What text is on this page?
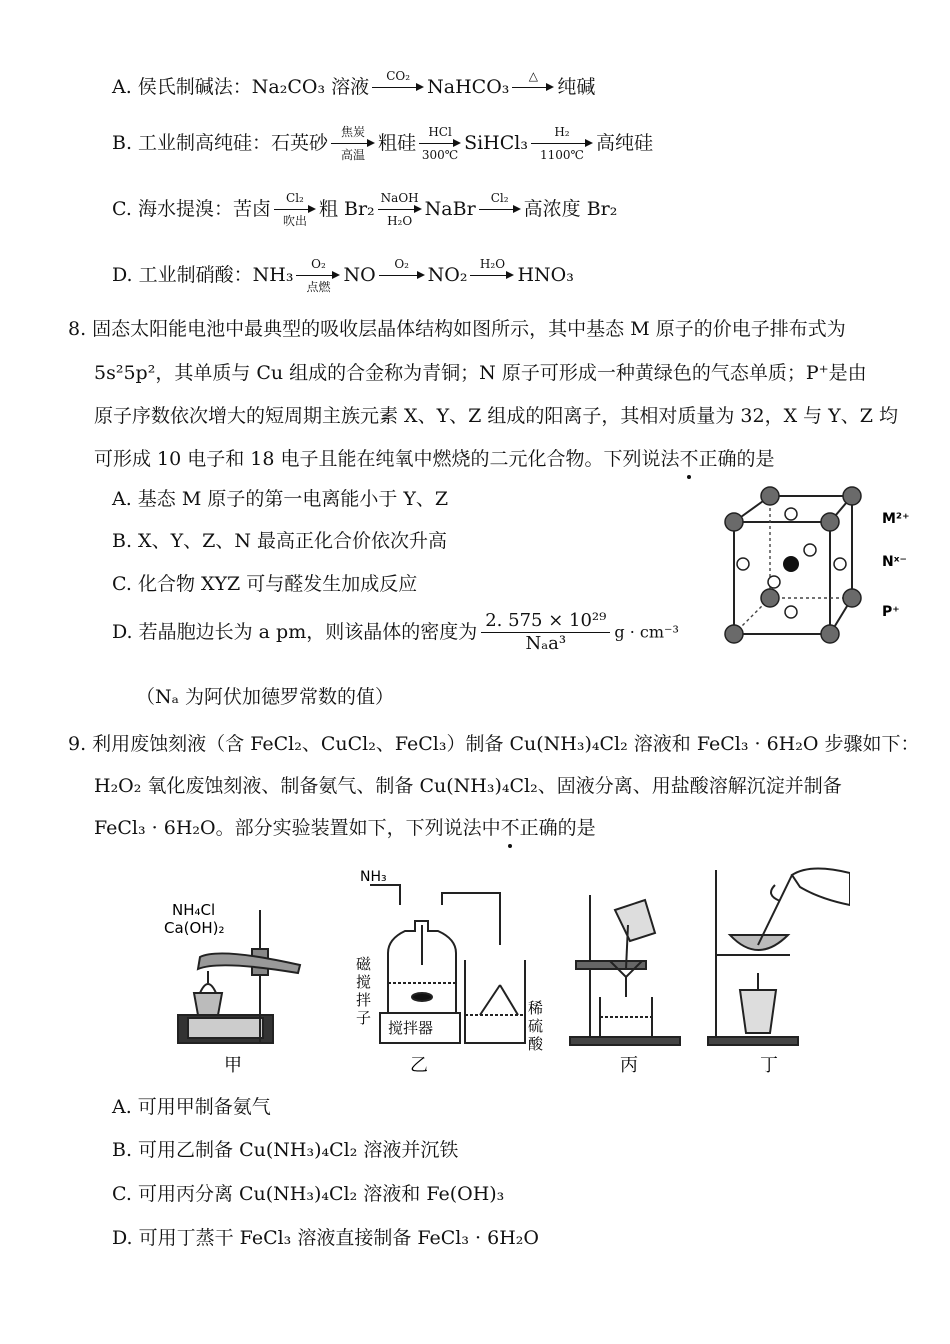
A. 侯氏制碱法：Na₂CO₃ 溶液	CO₂ NaHCO₃	△	纯碱
B. 工业制高纯硅：石英砂	焦炭
高温
粗硅	HCl
300℃
SiHCl₃	H₂
1100℃
高纯硅
C. 海水提溴：苦卤	Cl₂
吹出
粗 Br₂ NaOH
H₂O
NaBr	Cl₂ 高浓度 Br₂
D. 工业制硝酸：NH₃	O₂
点燃
NO	O₂ NO₂	H₂O HNO₃
8. 固态太阳能电池中最典型的吸收层晶体结构如图所示，其中基态 M 原子的价电子排布式为
5s²5p²，其单质与 Cu 组成的合金称为青铜；N 原子可形成一种黄绿色的气态单质；P⁺是由
原子序数依次增大的短周期主族元素 X、Y、Z 组成的阳离子，其相对质量为 32，X 与 Y、Z 均
可形成 10 电子和 18 电子且能在纯氧中燃烧的二元化合物。下列说法不正确的是
A. 基态 M 原子的第一电离能小于 Y、Z
B. X、Y、Z、N 最高正化合价依次升高
C. 化合物 XYZ 可与醛发生加成反应
D. 若晶胞边长为 a pm，则该晶体的密度为 $\frac{\text{2. 575 × 10²⁹}}{\text{Nₐa³}}$ g · cm⁻³
（Nₐ 为阿伏加德罗常数的值）
M²⁺
Nˣ⁻
P⁺
9. 利用废蚀刻液（含 FeCl₂、CuCl₂、FeCl₃）制备 Cu(NH₃)₄Cl₂ 溶液和 FeCl₃ · 6H₂O 步骤如下：
H₂O₂ 氧化废蚀刻液、制备氨气、制备 Cu(NH₃)₄Cl₂、固液分离、用盐酸溶解沉淀并制备
FeCl₃ · 6H₂O。部分实验装置如下，下列说法中不正确的是
NH₄Cl
Ca(OH)₂
甲
NH₃
磁
搅
拌
子
搅拌器
稀
硫
酸
乙	丙	丁
A. 可用甲制备氨气
B. 可用乙制备 Cu(NH₃)₄Cl₂ 溶液并沉铁
C. 可用丙分离 Cu(NH₃)₄Cl₂ 溶液和 Fe(OH)₃
D. 可用丁蒸干 FeCl₃ 溶液直接制备 FeCl₃ · 6H₂O
